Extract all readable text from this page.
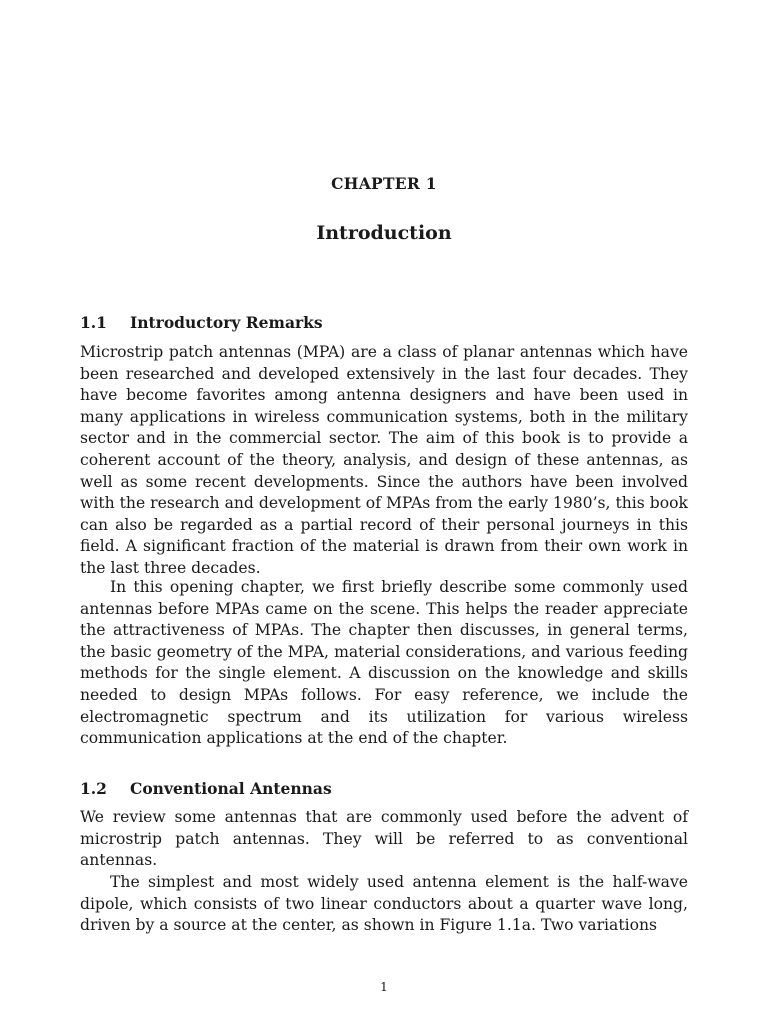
CHAPTER 1
Introduction
1.1 Introductory Remarks

Microstrip patch antennas (MPA) are a class of planar antennas which have been researched and developed extensively in the last four decades. They have become favorites among antenna designers and have been used in many applications in wireless communication systems, both in the military sector and in the commercial sector. The aim of this book is to provide a coherent account of the theory, analysis, and design of these antennas, as well as some recent developments. Since the authors have been involved with the research and development of MPAs from the early 1980’s, this book can also be regarded as a partial record of their personal journeys in this field. A significant fraction of the material is drawn from their own work in the last three decades.

In this opening chapter, we first briefly describe some commonly used antennas before MPAs came on the scene. This helps the reader appreciate the attractiveness of MPAs. The chapter then discusses, in general terms, the basic geometry of the MPA, material considerations, and various feeding methods for the single element. A discussion on the knowledge and skills needed to design MPAs follows. For easy reference, we include the electromagnetic spectrum and its utilization for various wireless communication applications at the end of the chapter.

1.2 Conventional Antennas

We review some antennas that are commonly used before the advent of microstrip patch antennas. They will be referred to as conventional antennas.

The simplest and most widely used antenna element is the half-wave dipole, which consists of two linear conductors about a quarter wave long, driven by a source at the center, as shown in Figure 1.1a. Two variations

1
